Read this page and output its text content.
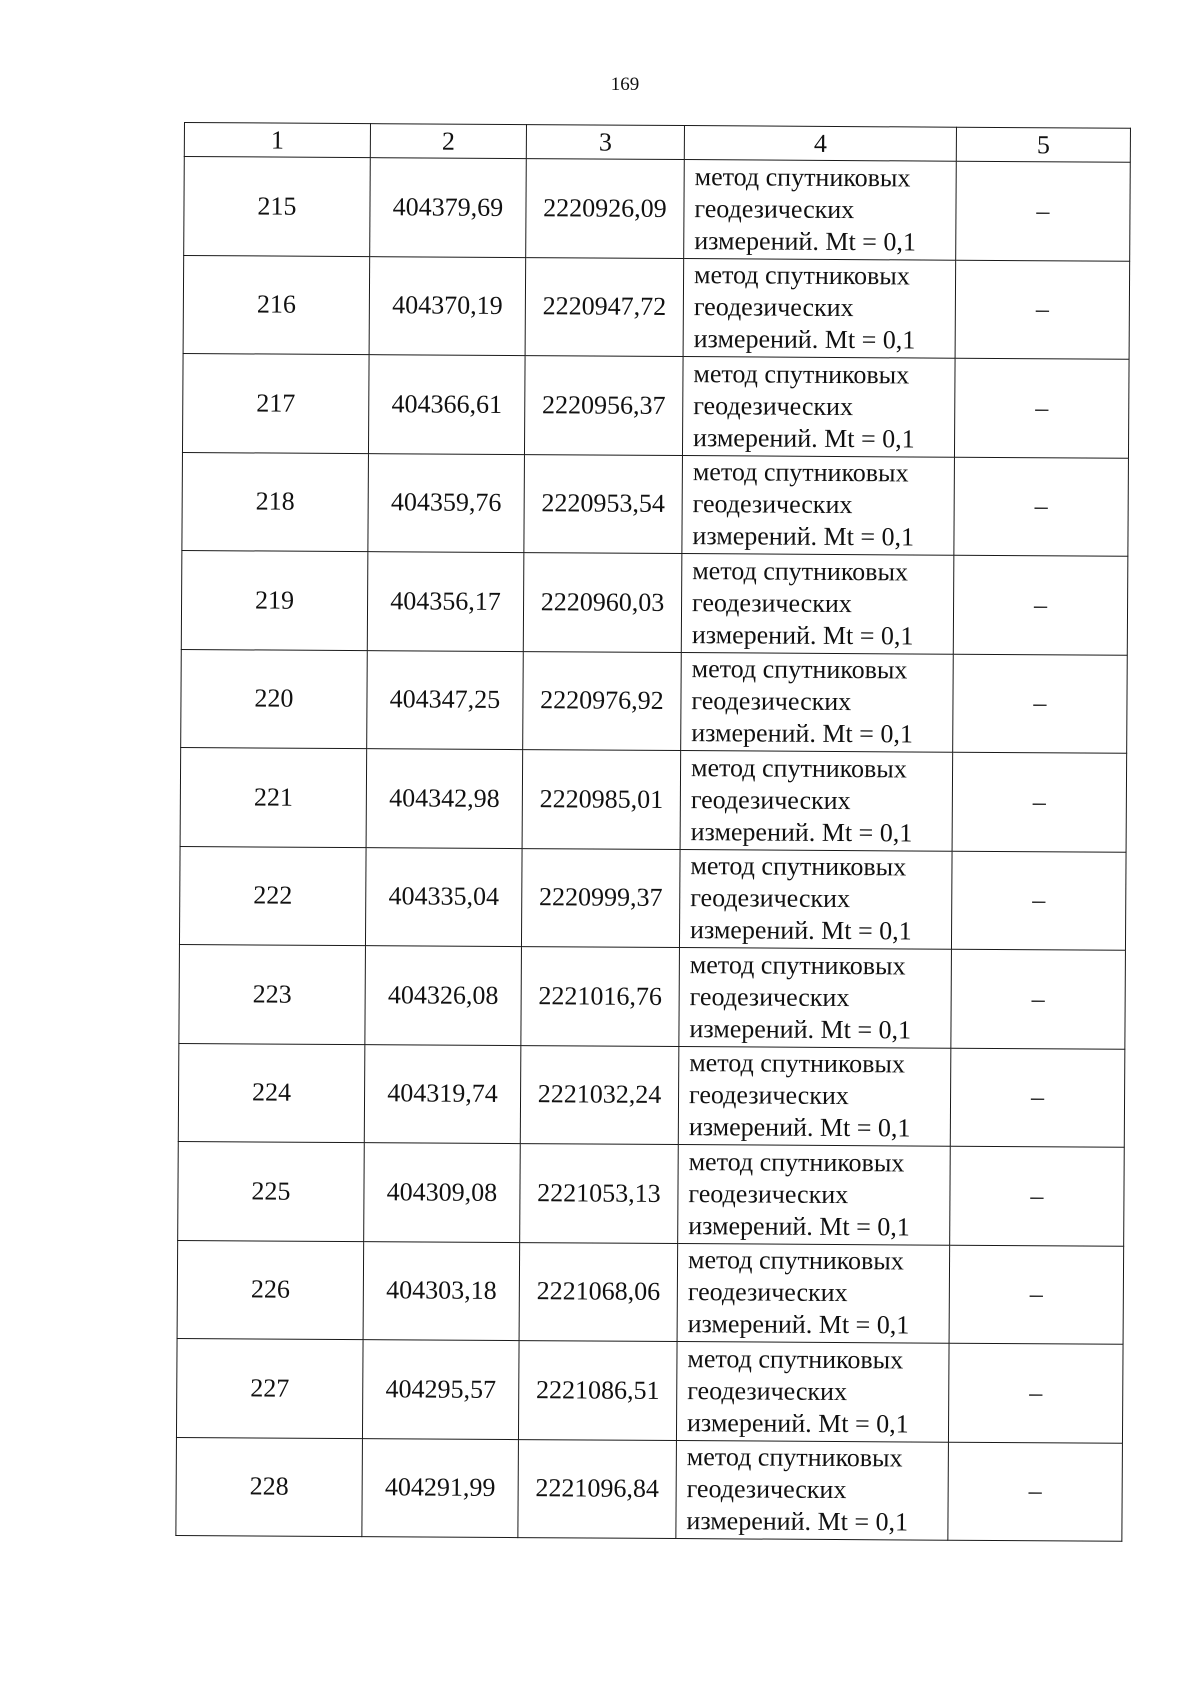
169
1	2	3	4	5
215	404379,69	2220926,09	метод спутниковых
геодезических
измерений. Mt = 0,1	–
216	404370,19	2220947,72	метод спутниковых
геодезических
измерений. Mt = 0,1	–
217	404366,61	2220956,37	метод спутниковых
геодезических
измерений. Mt = 0,1	–
218	404359,76	2220953,54	метод спутниковых
геодезических
измерений. Mt = 0,1	–
219	404356,17	2220960,03	метод спутниковых
геодезических
измерений. Mt = 0,1	–
220	404347,25	2220976,92	метод спутниковых
геодезических
измерений. Mt = 0,1	–
221	404342,98	2220985,01	метод спутниковых
геодезических
измерений. Mt = 0,1	–
222	404335,04	2220999,37	метод спутниковых
геодезических
измерений. Mt = 0,1	–
223	404326,08	2221016,76	метод спутниковых
геодезических
измерений. Mt = 0,1	–
224	404319,74	2221032,24	метод спутниковых
геодезических
измерений. Mt = 0,1	–
225	404309,08	2221053,13	метод спутниковых
геодезических
измерений. Mt = 0,1	–
226	404303,18	2221068,06	метод спутниковых
геодезических
измерений. Mt = 0,1	–
227	404295,57	2221086,51	метод спутниковых
геодезических
измерений. Mt = 0,1	–
228	404291,99	2221096,84	метод спутниковых
геодезических
измерений. Mt = 0,1	–
